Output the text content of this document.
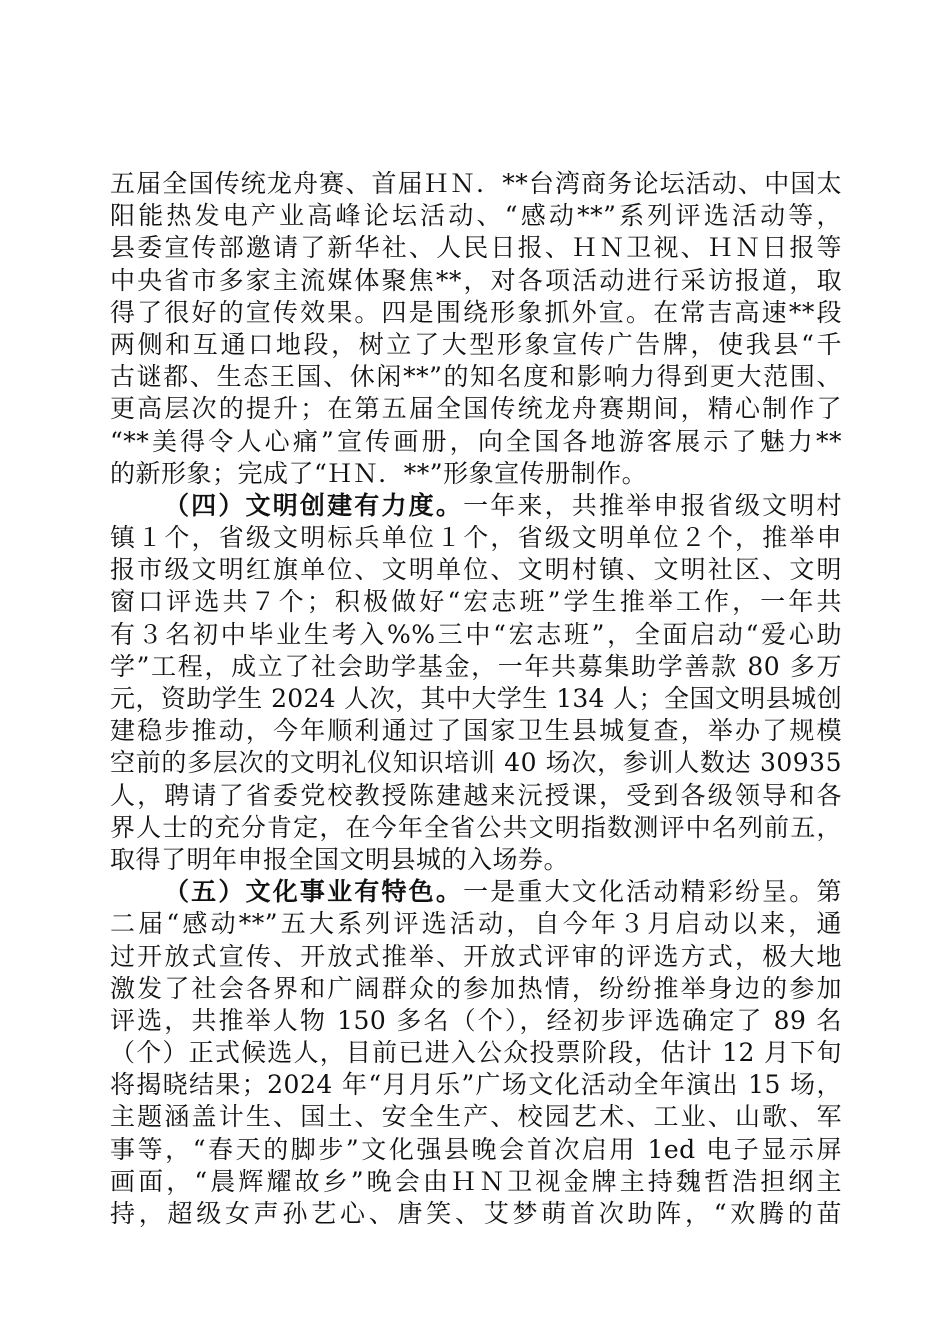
五届全国传统龙舟赛、首届ＨＮ．**台湾商务论坛活动、中国太
阳能热发电产业高峰论坛活动、“感动**”系列评选活动等，
县委宣传部邀请了新华社、人民日报、ＨＮ卫视、ＨＮ日报等
中央省市多家主流媒体聚焦**，对各项活动进行采访报道，取
得了很好的宣传效果。四是围绕形象抓外宣。在常吉高速**段
两侧和互通口地段，树立了大型形象宣传广告牌，使我县“千
古谜都、生态王国、休闲**”的知名度和影响力得到更大范围、
更高层次的提升；在第五届全国传统龙舟赛期间，精心制作了
“**美得令人心痛”宣传画册，向全国各地游客展示了魅力**
的新形象；完成了“ＨＮ．**”形象宣传册制作。
（四）文明创建有力度。一年来，共推举申报省级文明村
镇１个，省级文明标兵单位１个，省级文明单位２个，推举申
报市级文明红旗单位、文明单位、文明村镇、文明社区、文明
窗口评选共７个；积极做好“宏志班”学生推举工作，一年共
有３名初中毕业生考入%%三中“宏志班”，全面启动“爱心助
学”工程，成立了社会助学基金，一年共募集助学善款 80 多万
元，资助学生 2024 人次，其中大学生 134 人；全国文明县城创
建稳步推动，今年顺利通过了国家卫生县城复查，举办了规模
空前的多层次的文明礼仪知识培训 40 场次，参训人数达 30935
人，聘请了省委党校教授陈建越来沅授课，受到各级领导和各
界人士的充分肯定，在今年全省公共文明指数测评中名列前五，
取得了明年申报全国文明县城的入场券。
（五）文化事业有特色。一是重大文化活动精彩纷呈。第
二届“感动**”五大系列评选活动，自今年３月启动以来，通
过开放式宣传、开放式推举、开放式评审的评选方式，极大地
激发了社会各界和广阔群众的参加热情，纷纷推举身边的参加
评选，共推举人物 150 多名（个），经初步评选确定了 89 名
（个）正式候选人，目前已进入公众投票阶段，估计 12 月下旬
将揭晓结果；2024 年“月月乐”广场文化活动全年演出 15 场，
主题涵盖计生、国土、安全生产、校园艺术、工业、山歌、军
事等，“春天的脚步”文化强县晚会首次启用 1ed 电子显示屏
画面，“晨辉耀故乡”晚会由ＨＮ卫视金牌主持魏哲浩担纲主
持，超级女声孙艺心、唐笑、艾梦萌首次助阵，“欢腾的苗
